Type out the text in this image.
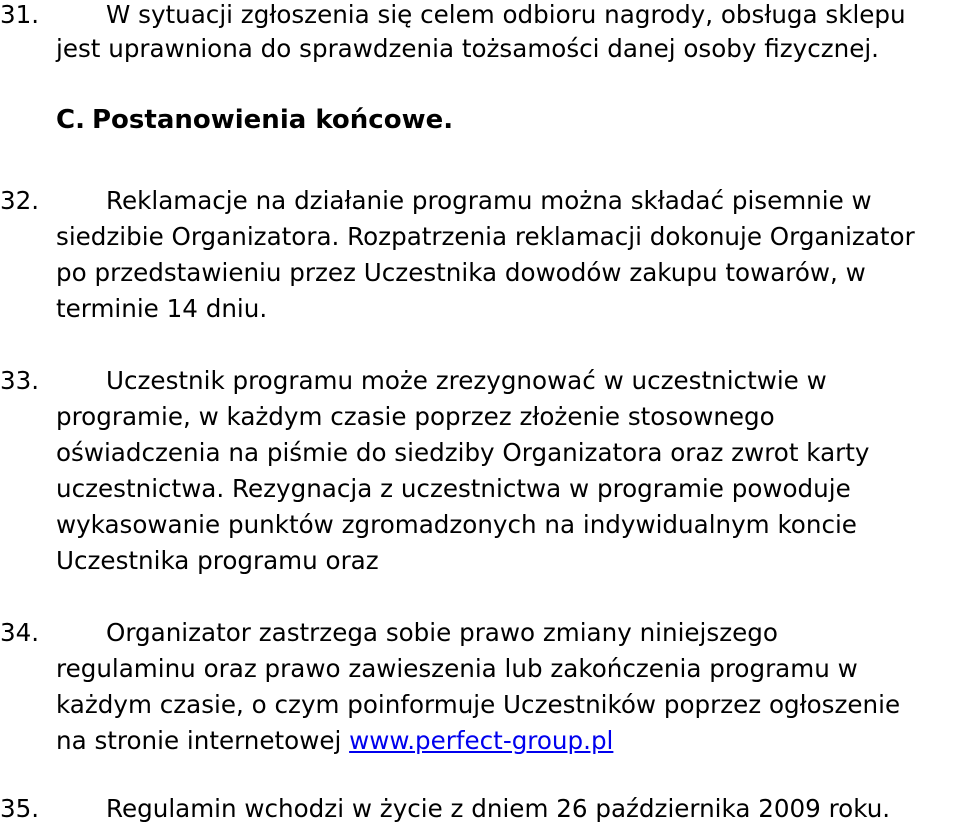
31.	W sytuacji zgłoszenia się celem odbioru nagrody, obsługa sklepu
jest uprawniona do sprawdzenia tożsamości danej osoby fizycznej.
C. Postanowienia końcowe.
32.	Reklamacje na działanie programu można składać pisemnie w
siedzibie Organizatora. Rozpatrzenia reklamacji dokonuje Organizator
po przedstawieniu przez Uczestnika dowodów zakupu towarów, w
terminie 14 dniu.
33.	Uczestnik programu może zrezygnować w uczestnictwie w
programie, w każdym czasie poprzez złożenie stosownego
oświadczenia na piśmie do siedziby Organizatora oraz zwrot karty
uczestnictwa. Rezygnacja z uczestnictwa w programie powoduje
wykasowanie punktów zgromadzonych na indywidualnym koncie
Uczestnika programu oraz
34.	Organizator zastrzega sobie prawo zmiany niniejszego
regulaminu oraz prawo zawieszenia lub zakończenia programu w
każdym czasie, o czym poinformuje Uczestników poprzez ogłoszenie
na stronie internetowej www.perfect-group.pl
35.	Regulamin wchodzi w życie z dniem 26 października 2009 roku.
